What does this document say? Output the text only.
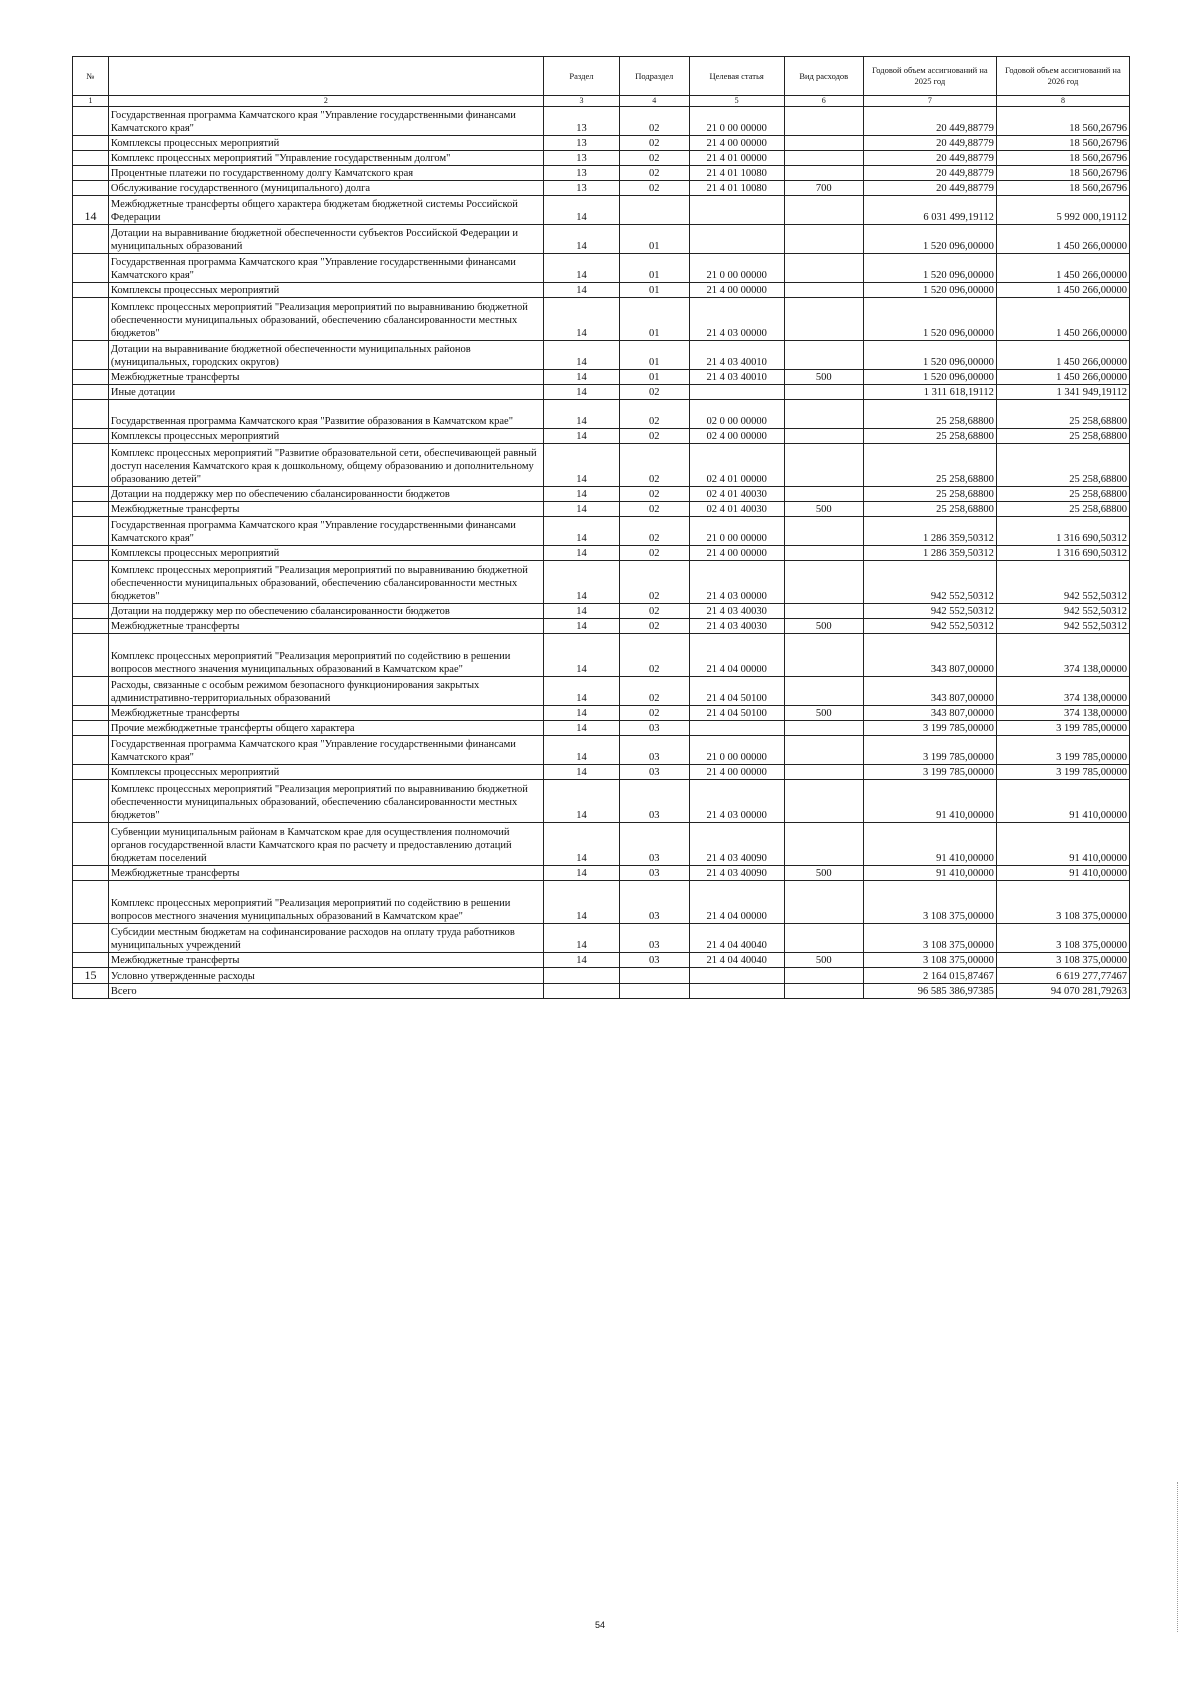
№		Раздел	Подраздел	Целевая статья	Вид расходов	Годовой объем ассигнований на 2025 год	Годовой объем ассигнований на 2026 год
1	2	3	4	5	6	7	8
	Государственная программа Камчатского края "Управление государственными финансами Камчатского края"	13	02	21 0 00 00000		20 449,88779	18 560,26796
	Комплексы процессных мероприятий	13	02	21 4 00 00000		20 449,88779	18 560,26796
	Комплекс процессных мероприятий "Управление государственным долгом"	13	02	21 4 01 00000		20 449,88779	18 560,26796
	Процентные платежи по государственному долгу Камчатского края	13	02	21 4 01 10080		20 449,88779	18 560,26796
	Обслуживание государственного (муниципального) долга	13	02	21 4 01 10080	700	20 449,88779	18 560,26796
14	Межбюджетные трансферты общего характера бюджетам бюджетной системы Российской Федерации	14				6 031 499,19112	5 992 000,19112
	Дотации на выравнивание бюджетной обеспеченности субъектов Российской Федерации и муниципальных образований	14	01			1 520 096,00000	1 450 266,00000
	Государственная программа Камчатского края "Управление государственными финансами Камчатского края"	14	01	21 0 00 00000		1 520 096,00000	1 450 266,00000
	Комплексы процессных мероприятий	14	01	21 4 00 00000		1 520 096,00000	1 450 266,00000
	Комплекс процессных мероприятий "Реализация мероприятий по выравниванию бюджетной обеспеченности муниципальных образований, обеспечению сбалансированности местных бюджетов"	14	01	21 4 03 00000		1 520 096,00000	1 450 266,00000
	Дотации на выравнивание бюджетной обеспеченности муниципальных районов (муниципальных, городских округов)	14	01	21 4 03 40010		1 520 096,00000	1 450 266,00000
	Межбюджетные трансферты	14	01	21 4 03 40010	500	1 520 096,00000	1 450 266,00000
	Иные дотации	14	02			1 311 618,19112	1 341 949,19112
	Государственная программа Камчатского края "Развитие образования в Камчатском крае"	14	02	02 0 00 00000		25 258,68800	25 258,68800
	Комплексы процессных мероприятий	14	02	02 4 00 00000		25 258,68800	25 258,68800
	Комплекс процессных мероприятий "Развитие образовательной сети, обеспечивающей равный доступ населения Камчатского края к дошкольному, общему образованию и дополнительному образованию детей"	14	02	02 4 01 00000		25 258,68800	25 258,68800
	Дотации на поддержку мер по обеспечению сбалансированности бюджетов	14	02	02 4 01 40030		25 258,68800	25 258,68800
	Межбюджетные трансферты	14	02	02 4 01 40030	500	25 258,68800	25 258,68800
	Государственная программа Камчатского края "Управление государственными финансами Камчатского края"	14	02	21 0 00 00000		1 286 359,50312	1 316 690,50312
	Комплексы процессных мероприятий	14	02	21 4 00 00000		1 286 359,50312	1 316 690,50312
	Комплекс процессных мероприятий "Реализация мероприятий по выравниванию бюджетной обеспеченности муниципальных образований, обеспечению сбалансированности местных бюджетов"	14	02	21 4 03 00000		942 552,50312	942 552,50312
	Дотации на поддержку мер по обеспечению сбалансированности бюджетов	14	02	21 4 03 40030		942 552,50312	942 552,50312
	Межбюджетные трансферты	14	02	21 4 03 40030	500	942 552,50312	942 552,50312
	Комплекс процессных мероприятий "Реализация мероприятий по содействию в решении вопросов местного значения муниципальных образований в Камчатском крае"	14	02	21 4 04 00000		343 807,00000	374 138,00000
	Расходы, связанные с особым режимом безопасного функционирования закрытых административно-территориальных образований	14	02	21 4 04 50100		343 807,00000	374 138,00000
	Межбюджетные трансферты	14	02	21 4 04 50100	500	343 807,00000	374 138,00000
	Прочие межбюджетные трансферты общего характера	14	03			3 199 785,00000	3 199 785,00000
	Государственная программа Камчатского края "Управление государственными финансами Камчатского края"	14	03	21 0 00 00000		3 199 785,00000	3 199 785,00000
	Комплексы процессных мероприятий	14	03	21 4 00 00000		3 199 785,00000	3 199 785,00000
	Комплекс процессных мероприятий "Реализация мероприятий по выравниванию бюджетной обеспеченности муниципальных образований, обеспечению сбалансированности местных бюджетов"	14	03	21 4 03 00000		91 410,00000	91 410,00000
	Субвенции муниципальным районам в Камчатском крае для осуществления полномочий органов государственной власти Камчатского края по расчету и предоставлению дотаций бюджетам поселений	14	03	21 4 03 40090		91 410,00000	91 410,00000
	Межбюджетные трансферты	14	03	21 4 03 40090	500	91 410,00000	91 410,00000
	Комплекс процессных мероприятий "Реализация мероприятий по содействию в решении вопросов местного значения муниципальных образований в Камчатском крае"	14	03	21 4 04 00000		3 108 375,00000	3 108 375,00000
	Субсидии местным бюджетам на софинансирование расходов на оплату труда работников муниципальных учреждений	14	03	21 4 04 40040		3 108 375,00000	3 108 375,00000
	Межбюджетные трансферты	14	03	21 4 04 40040	500	3 108 375,00000	3 108 375,00000
15	Условно утвержденные расходы					2 164 015,87467	6 619 277,77467
	Всего					96 585 386,97385	94 070 281,79263
54
